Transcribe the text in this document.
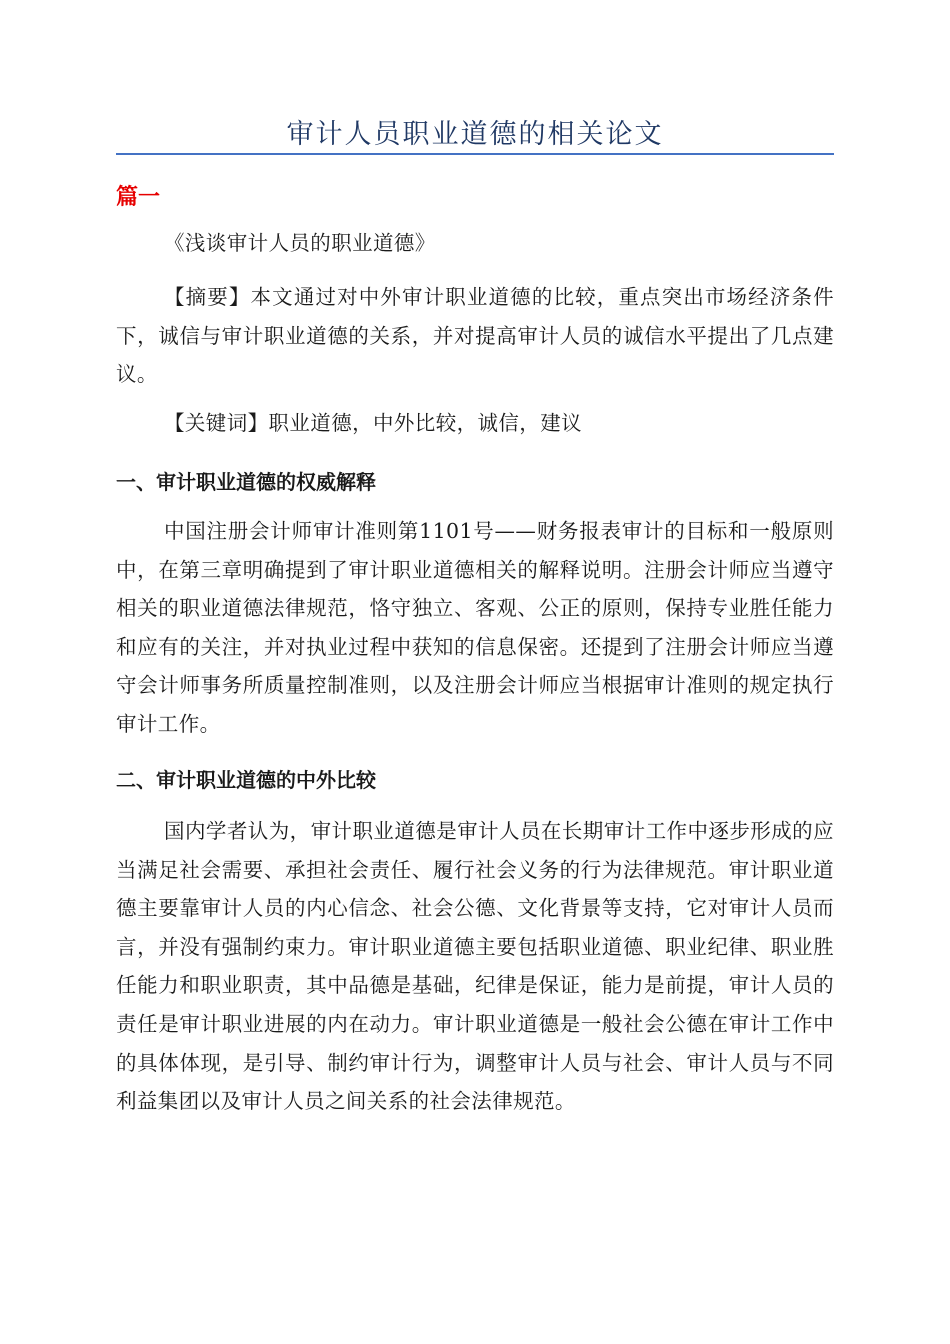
审计人员职业道德的相关论文

篇一

《浅谈审计人员的职业道德》

【摘要】本文通过对中外审计职业道德的比较，重点突出市场经济条件下，诚信与审计职业道德的关系，并对提高审计人员的诚信水平提出了几点建议。

【关键词】职业道德，中外比较，诚信，建议

一、审计职业道德的权威解释

中国注册会计师审计准则第1101号——财务报表审计的目标和一般原则中，在第三章明确提到了审计职业道德相关的解释说明。注册会计师应当遵守相关的职业道德法律规范，恪守独立、客观、公正的原则，保持专业胜任能力和应有的关注，并对执业过程中获知的信息保密。还提到了注册会计师应当遵守会计师事务所质量控制准则，以及注册会计师应当根据审计准则的规定执行审计工作。

二、审计职业道德的中外比较

国内学者认为，审计职业道德是审计人员在长期审计工作中逐步形成的应当满足社会需要、承担社会责任、履行社会义务的行为法律规范。审计职业道德主要靠审计人员的内心信念、社会公德、文化背景等支持，它对审计人员而言，并没有强制约束力。审计职业道德主要包括职业道德、职业纪律、职业胜任能力和职业职责，其中品德是基础，纪律是保证，能力是前提，审计人员的责任是审计职业进展的内在动力。审计职业道德是一般社会公德在审计工作中的具体体现，是引导、制约审计行为，调整审计人员与社会、审计人员与不同利益集团以及审计人员之间关系的社会法律规范。
